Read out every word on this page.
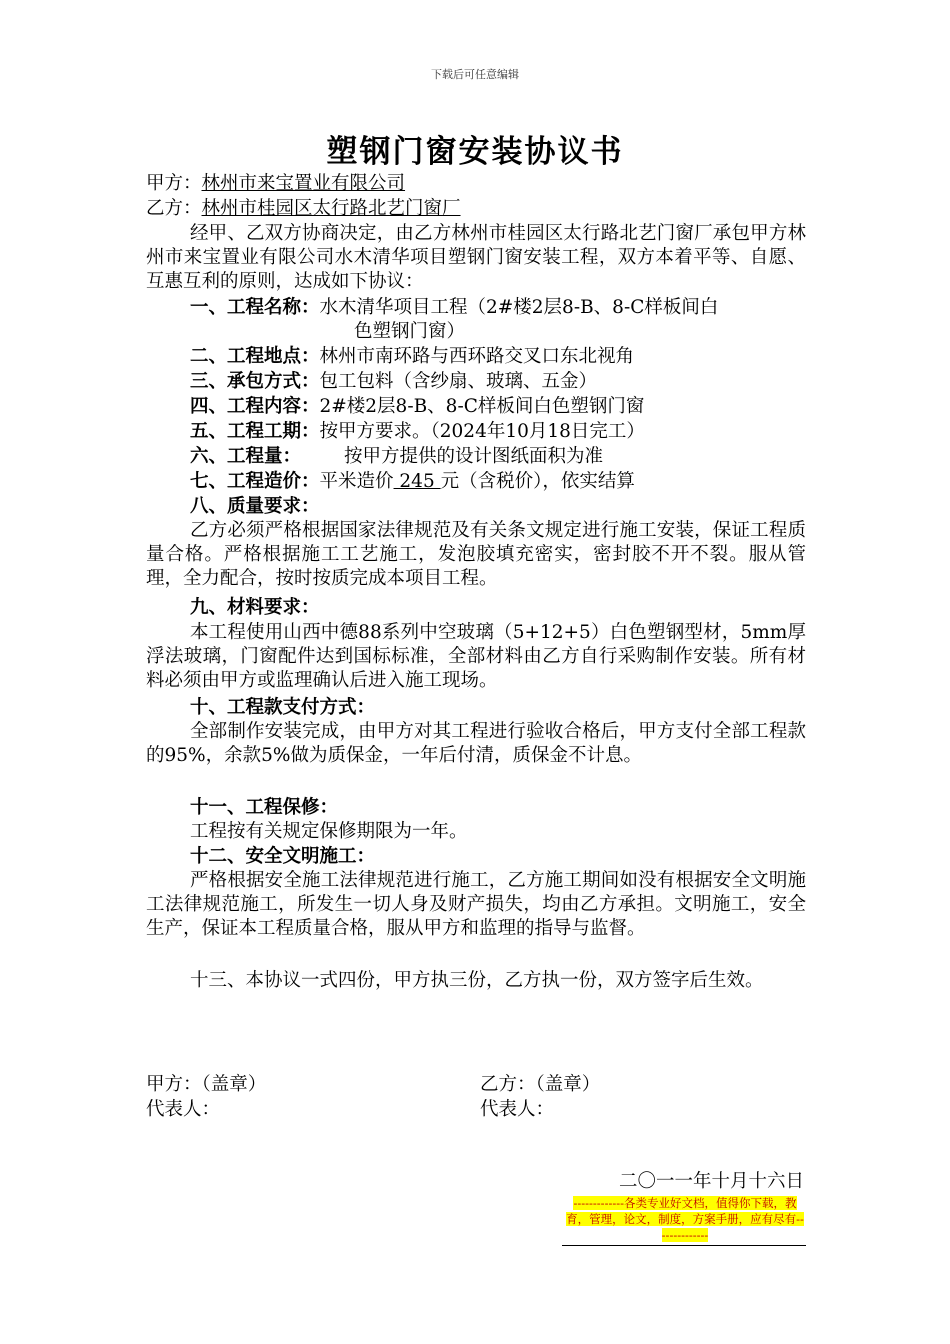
下载后可任意编辑
塑钢门窗安装协议书
甲方：林州市来宝置业有限公司
乙方：林州市桂园区太行路北艺门窗厂
经甲、乙双方协商决定，由乙方林州市桂园区太行路北艺门窗厂承包甲方林州市来宝置业有限公司水木清华项目塑钢门窗安装工程，双方本着平等、自愿、互惠互利的原则，达成如下协议：
一、工程名称：水木清华项目工程（2#楼2层8-B、8-C样板间白
色塑钢门窗）
二、工程地点：林州市南环路与西环路交叉口东北视角
三、承包方式：包工包料（含纱扇、玻璃、五金）
四、工程内容：2#楼2层8-B、8-C样板间白色塑钢门窗
五、工程工期：按甲方要求。（2024年10月18日完工）
六、工程量： 按甲方提供的设计图纸面积为准
七、工程造价：平米造价 245 元（含税价），依实结算
八、质量要求：
乙方必须严格根据国家法律规范及有关条文规定进行施工安装，保证工程质量合格。严格根据施工工艺施工，发泡胶填充密实，密封胶不开不裂。服从管理，全力配合，按时按质完成本项目工程。
九、材料要求：
本工程使用山西中德88系列中空玻璃（5+12+5）白色塑钢型材，5mm厚浮法玻璃，门窗配件达到国标标准，全部材料由乙方自行采购制作安装。所有材料必须由甲方或监理确认后进入施工现场。
十、工程款支付方式：
全部制作安装完成，由甲方对其工程进行验收合格后，甲方支付全部工程款的95%，余款5%做为质保金，一年后付清，质保金不计息。
十一、工程保修：
工程按有关规定保修期限为一年。
十二、安全文明施工：
严格根据安全施工法律规范进行施工，乙方施工期间如没有根据安全文明施工法律规范施工，所发生一切人身及财产损失，均由乙方承担。文明施工，安全生产，保证本工程质量合格，服从甲方和监理的指导与监督。
十三、本协议一式四份，甲方执三份，乙方执一份，双方签字后生效。
甲方：（盖章）
代表人：
乙方：（盖章）
代表人：
二〇一一年十月十六日
-------------各类专业好文档，值得你下载，教育，管理，论文，制度，方案手册，应有尽有--------------
